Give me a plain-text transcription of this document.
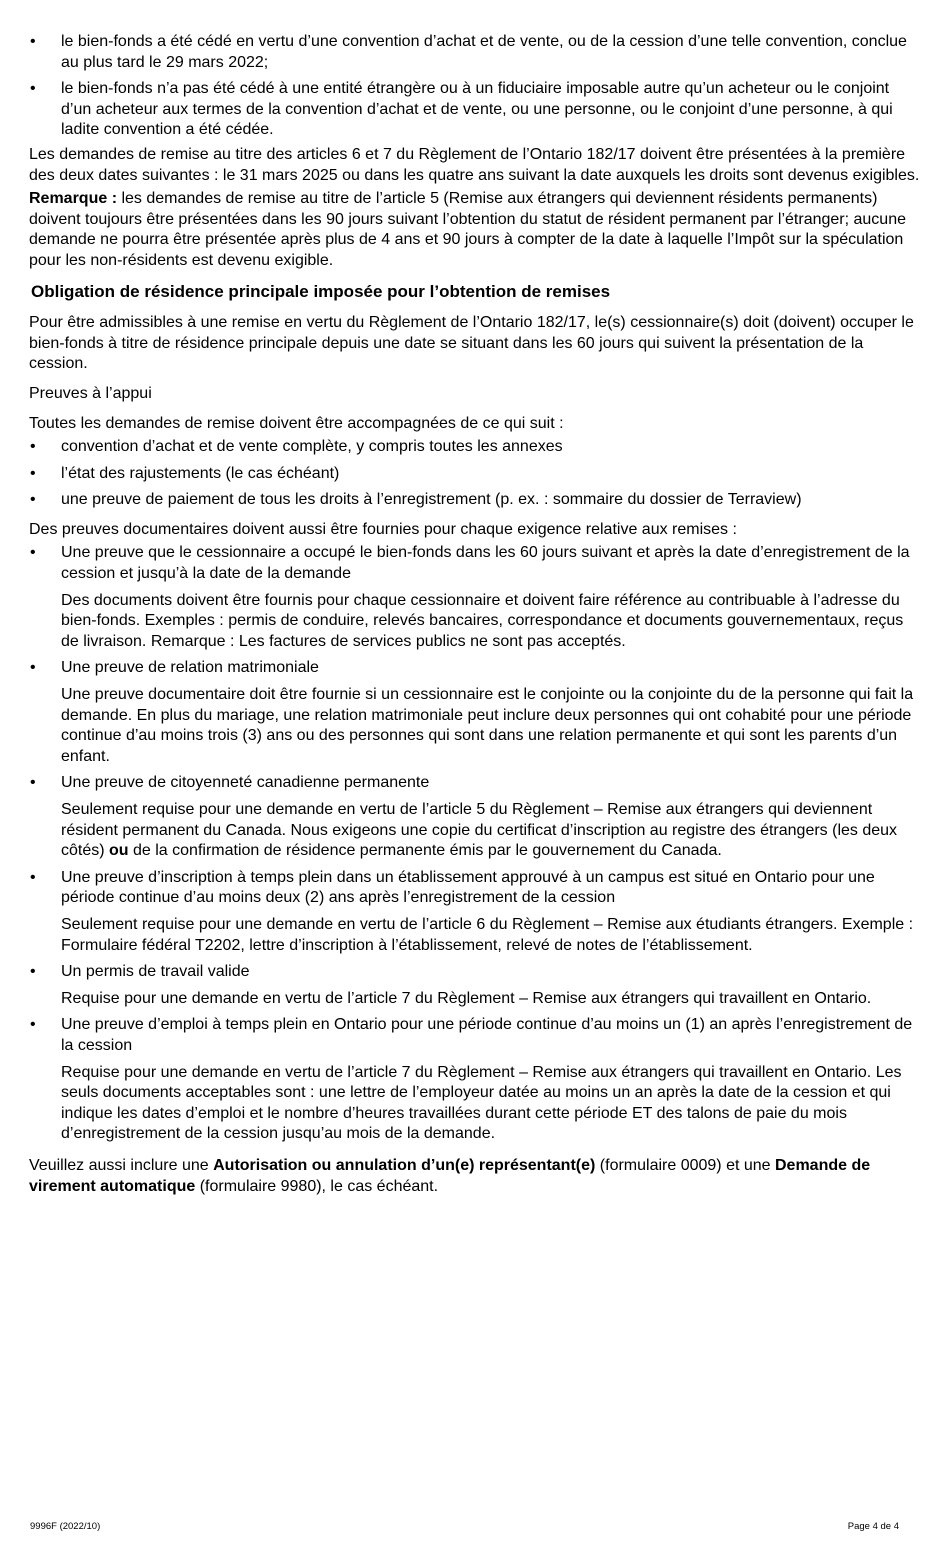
• le bien-fonds a été cédé en vertu d’une convention d’achat et de vente, ou de la cession d’une telle convention, conclue au plus tard le 29 mars 2022;
• le bien-fonds n’a pas été cédé à une entité étrangère ou à un fiduciaire imposable autre qu’un acheteur ou le conjoint d’un acheteur aux termes de la convention d’achat et de vente, ou une personne, ou le conjoint d’une personne, à qui ladite convention a été cédée.

Les demandes de remise au titre des articles 6 et 7 du Règlement de l’Ontario 182/17 doivent être présentées à la première des deux dates suivantes : le 31 mars 2025 ou dans les quatre ans suivant la date auxquels les droits sont devenus exigibles.

Remarque : les demandes de remise au titre de l’article 5 (Remise aux étrangers qui deviennent résidents permanents) doivent toujours être présentées dans les 90 jours suivant l’obtention du statut de résident permanent par l’étranger; aucune demande ne pourra être présentée après plus de 4 ans et 90 jours à compter de la date à laquelle l’Impôt sur la spéculation pour les non-résidents est devenu exigible.

Obligation de résidence principale imposée pour l’obtention de remises

Pour être admissibles à une remise en vertu du Règlement de l’Ontario 182/17, le(s) cessionnaire(s) doit (doivent) occuper le bien-fonds à titre de résidence principale depuis une date se situant dans les 60 jours qui suivent la présentation de la cession.

Preuves à l’appui

Toutes les demandes de remise doivent être accompagnées de ce qui suit :

• convention d’achat et de vente complète, y compris toutes les annexes
• l’état des rajustements (le cas échéant)
• une preuve de paiement de tous les droits à l’enregistrement (p. ex. : sommaire du dossier de Terraview)

Des preuves documentaires doivent aussi être fournies pour chaque exigence relative aux remises :

• Une preuve que le cessionnaire a occupé le bien-fonds dans les 60 jours suivant et après la date d’enregistrement de la cession et jusqu’à la date de la demande

Des documents doivent être fournis pour chaque cessionnaire et doivent faire référence au contribuable à l’adresse du bien-fonds. Exemples : permis de conduire, relevés bancaires, correspondance et documents gouvernementaux, reçus de livraison. Remarque : Les factures de services publics ne sont pas acceptés.

• Une preuve de relation matrimoniale

Une preuve documentaire doit être fournie si un cessionnaire est le conjointe ou la conjointe du de la personne qui fait la demande. En plus du mariage, une relation matrimoniale peut inclure deux personnes qui ont cohabité pour une période continue d’au moins trois (3) ans ou des personnes qui sont dans une relation permanente et qui sont les parents d’un enfant.

• Une preuve de citoyenneté canadienne permanente

Seulement requise pour une demande en vertu de l’article 5 du Règlement – Remise aux étrangers qui deviennent résident permanent du Canada. Nous exigeons une copie du certificat d’inscription au registre des étrangers (les deux côtés) ou de la confirmation de résidence permanente émis par le gouvernement du Canada.

• Une preuve d’inscription à temps plein dans un établissement approuvé à un campus est situé en Ontario pour une période continue d’au moins deux (2) ans après l’enregistrement de la cession

Seulement requise pour une demande en vertu de l’article 6 du Règlement – Remise aux étudiants étrangers. Exemple : Formulaire fédéral T2202, lettre d’inscription à l’établissement, relevé de notes de l’établissement.

• Un permis de travail valide

Requise pour une demande en vertu de l’article 7 du Règlement – Remise aux étrangers qui travaillent en Ontario.

• Une preuve d’emploi à temps plein en Ontario pour une période continue d’au moins un (1) an après l’enregistrement de la cession

Requise pour une demande en vertu de l’article 7 du Règlement – Remise aux étrangers qui travaillent en Ontario. Les seuls documents acceptables sont : une lettre de l’employeur datée au moins un an après la date de la cession et qui indique les dates d’emploi et le nombre d’heures travaillées durant cette période ET des talons de paie du mois d’enregistrement de la cession jusqu’au mois de la demande.

Veuillez aussi inclure une Autorisation ou annulation d’un(e) représentant(e) (formulaire 0009) et une Demande de virement automatique (formulaire 9980), le cas échéant.

9996F (2022/10)	Page 4 de 4
